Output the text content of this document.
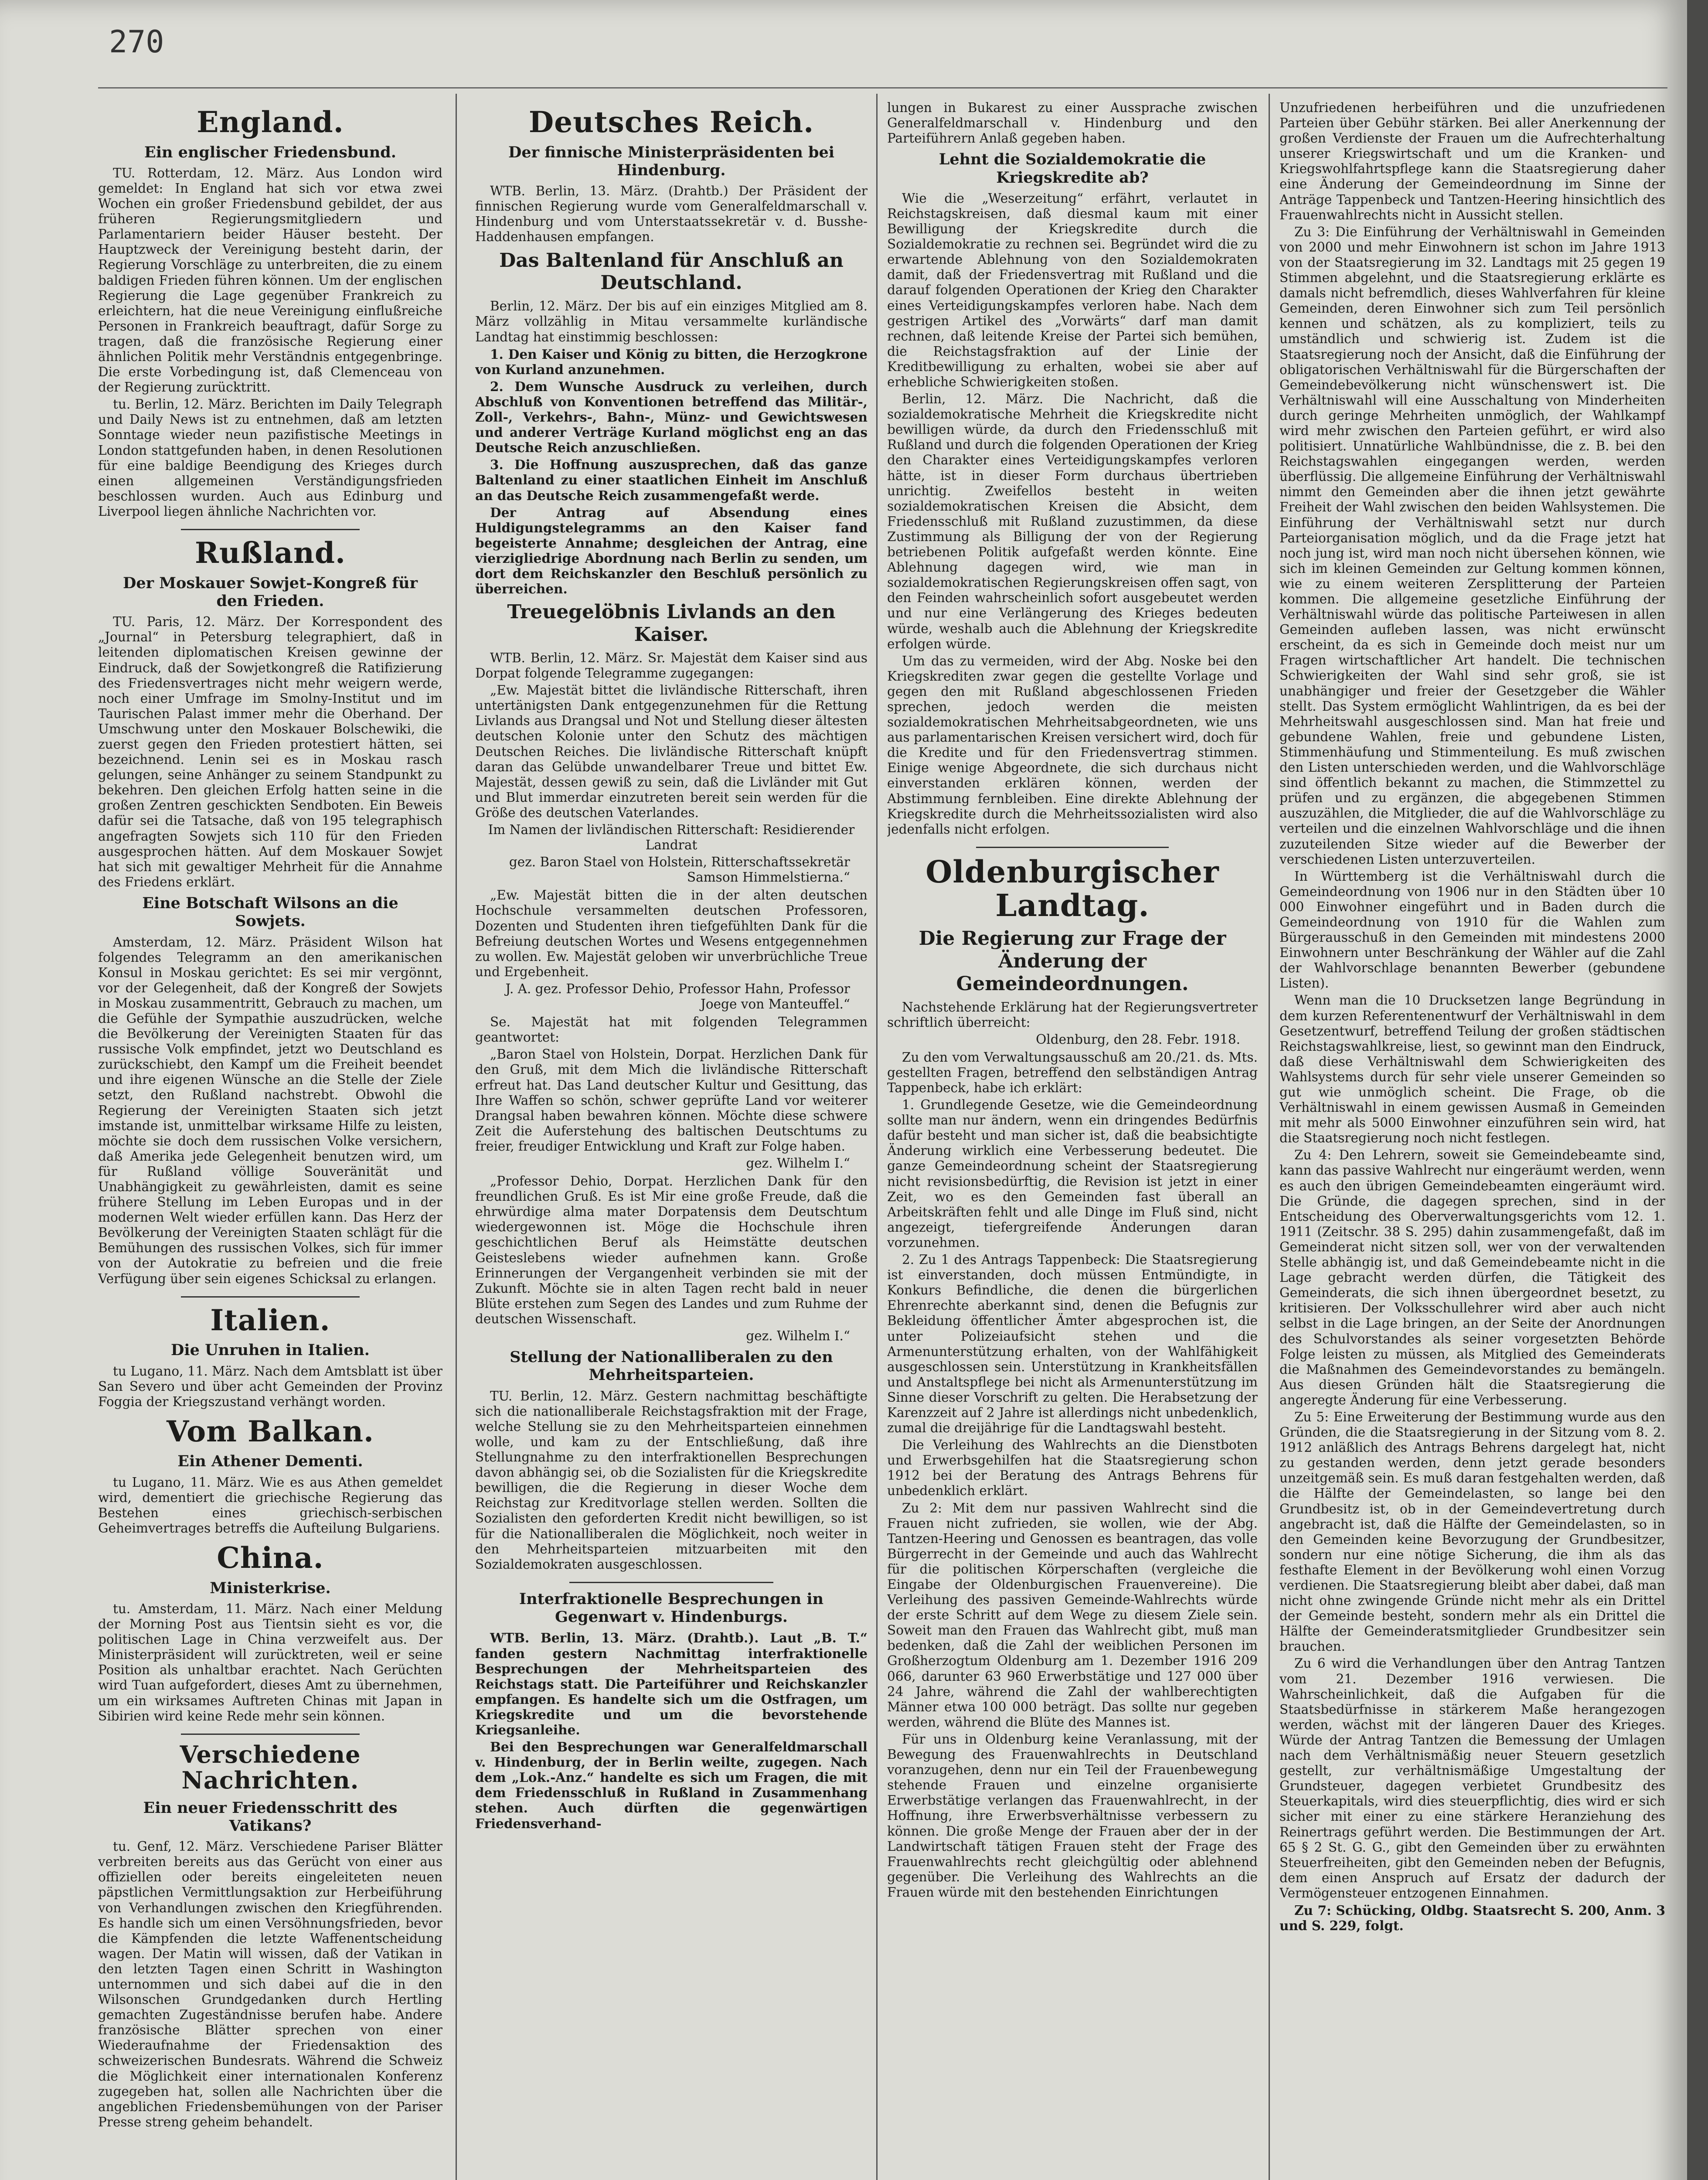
270
England.
Ein englischer Friedensbund.

TU. Rotterdam, 12. März. Aus London wird gemeldet: In England hat sich vor etwa zwei Wochen ein großer Friedensbund gebildet, der aus früheren Regierungsmitgliedern und Parlamentariern beider Häuser besteht. Der Hauptzweck der Vereinigung besteht darin, der Regierung Vorschläge zu unterbreiten, die zu einem baldigen Frieden führen können. Um der englischen Regierung die Lage gegenüber Frankreich zu erleichtern, hat die neue Vereinigung einflußreiche Personen in Frankreich beauftragt, dafür Sorge zu tragen, daß die französische Regierung einer ähnlichen Politik mehr Verständnis entgegenbringe. Die erste Vorbedingung ist, daß Clemenceau von der Regierung zurücktritt.

tu. Berlin, 12. März. Berichten im Daily Telegraph und Daily News ist zu entnehmen, daß am letzten Sonntage wieder neun pazifistische Meetings in London stattgefunden haben, in denen Resolutionen für eine baldige Beendigung des Krieges durch einen allgemeinen Verständigungsfrieden beschlossen wurden. Auch aus Edinburg und Liverpool liegen ähnliche Nachrichten vor.

Rußland.
Der Moskauer Sowjet-Kongreß für den Frieden.

TU. Paris, 12. März. Der Korrespondent des „Journal“ in Petersburg telegraphiert, daß in leitenden diplomatischen Kreisen gewinne der Eindruck, daß der Sowjetkongreß die Ratifizierung des Friedensvertrages nicht mehr weigern werde, noch einer Umfrage im Smolny-Institut und im Taurischen Palast immer mehr die Oberhand. Der Umschwung unter den Moskauer Bolschewiki, die zuerst gegen den Frieden protestiert hätten, sei bezeichnend. Lenin sei es in Moskau rasch gelungen, seine Anhänger zu seinem Standpunkt zu bekehren. Den gleichen Erfolg hatten seine in die großen Zentren geschickten Sendboten. Ein Beweis dafür sei die Tatsache, daß von 195 telegraphisch angefragten Sowjets sich 110 für den Frieden ausgesprochen hätten. Auf dem Moskauer Sowjet hat sich mit gewaltiger Mehrheit für die Annahme des Friedens erklärt.

Eine Botschaft Wilsons an die Sowjets.

Amsterdam, 12. März. Präsident Wilson hat folgendes Telegramm an den amerikanischen Konsul in Moskau gerichtet: Es sei mir vergönnt, vor der Gelegenheit, daß der Kongreß der Sowjets in Moskau zusammentritt, Gebrauch zu machen, um die Gefühle der Sympathie auszudrücken, welche die Bevölkerung der Vereinigten Staaten für das russische Volk empfindet, jetzt wo Deutschland es zurückschiebt, den Kampf um die Freiheit beendet und ihre eigenen Wünsche an die Stelle der Ziele setzt, den Rußland nachstrebt. Obwohl die Regierung der Vereinigten Staaten sich jetzt imstande ist, unmittelbar wirksame Hilfe zu leisten, möchte sie doch dem russischen Volke versichern, daß Amerika jede Gelegenheit benutzen wird, um für Rußland völlige Souveränität und Unabhängigkeit zu gewährleisten, damit es seine frühere Stellung im Leben Europas und in der modernen Welt wieder erfüllen kann. Das Herz der Bevölkerung der Vereinigten Staaten schlägt für die Bemühungen des russischen Volkes, sich für immer von der Autokratie zu befreien und die freie Verfügung über sein eigenes Schicksal zu erlangen.

Italien.
Die Unruhen in Italien.

tu Lugano, 11. März. Nach dem Amtsblatt ist über San Severo und über acht Gemeinden der Provinz Foggia der Kriegszustand verhängt worden.

Vom Balkan.
Ein Athener Dementi.

tu Lugano, 11. März. Wie es aus Athen gemeldet wird, dementiert die griechische Regierung das Bestehen eines griechisch-serbischen Geheimvertrages betreffs die Aufteilung Bulgariens.

China.
Ministerkrise.

tu. Amsterdam, 11. März. Nach einer Meldung der Morning Post aus Tientsin sieht es vor, die politischen Lage in China verzweifelt aus. Der Ministerpräsident will zurücktreten, weil er seine Position als unhaltbar erachtet. Nach Gerüchten wird Tuan aufgefordert, dieses Amt zu übernehmen, um ein wirksames Auftreten Chinas mit Japan in Sibirien wird keine Rede mehr sein können.

Verschiedene Nachrichten.
Ein neuer Friedensschritt des Vatikans?

tu. Genf, 12. März. Verschiedene Pariser Blätter verbreiten bereits aus das Gerücht von einer aus offiziellen oder bereits eingeleiteten neuen päpstlichen Vermittlungsaktion zur Herbeiführung von Verhandlungen zwischen den Kriegführenden. Es handle sich um einen Versöhnungsfrieden, bevor die Kämpfenden die letzte Waffenentscheidung wagen. Der Matin will wissen, daß der Vatikan in den letzten Tagen einen Schritt in Washington unternommen und sich dabei auf die in den Wilsonschen Grundgedanken durch Hertling gemachten Zugeständnisse berufen habe. Andere französische Blätter sprechen von einer Wiederaufnahme der Friedensaktion des schweizerischen Bundesrats. Während die Schweiz die Möglichkeit einer internationalen Konferenz zugegeben hat, sollen alle Nachrichten über die angeblichen Friedensbemühungen von der Pariser Presse streng geheim behandelt.

Deutsches Reich.
Der finnische Ministerpräsidenten bei Hindenburg.

WTB. Berlin, 13. März. (Drahtb.) Der Präsident der finnischen Regierung wurde vom Generalfeldmarschall v. Hindenburg und vom Unterstaatssekretär v. d. Busshe-Haddenhausen empfangen.

Das Baltenland für Anschluß an Deutschland.

Berlin, 12. März. Der bis auf ein einziges Mitglied am 8. März vollzählig in Mitau versammelte kurländische Landtag hat einstimmig beschlossen:

1. Den Kaiser und König zu bitten, die Herzogkrone von Kurland anzunehmen.

2. Dem Wunsche Ausdruck zu verleihen, durch Abschluß von Konventionen betreffend das Militär-, Zoll-, Verkehrs-, Bahn-, Münz- und Gewichtswesen und anderer Verträge Kurland möglichst eng an das Deutsche Reich anzuschließen.

3. Die Hoffnung auszusprechen, daß das ganze Baltenland zu einer staatlichen Einheit im Anschluß an das Deutsche Reich zusammengefaßt werde.

Der Antrag auf Absendung eines Huldigungstelegramms an den Kaiser fand begeisterte Annahme; desgleichen der Antrag, eine vierzigliedrige Abordnung nach Berlin zu senden, um dort dem Reichskanzler den Beschluß persönlich zu überreichen.

Treuegelöbnis Livlands an den Kaiser.

WTB. Berlin, 12. März. Sr. Majestät dem Kaiser sind aus Dorpat folgende Telegramme zugegangen:

„Ew. Majestät bittet die livländische Ritterschaft, ihren untertänigsten Dank entgegenzunehmen für die Rettung Livlands aus Drangsal und Not und Stellung dieser ältesten deutschen Kolonie unter den Schutz des mächtigen Deutschen Reiches. Die livländische Ritterschaft knüpft daran das Gelübde unwandelbarer Treue und bittet Ew. Majestät, dessen gewiß zu sein, daß die Livländer mit Gut und Blut immerdar einzutreten bereit sein werden für die Größe des deutschen Vaterlandes.

Im Namen der livländischen Ritterschaft: Residierender Landrat

gez. Baron Stael von Holstein, Ritterschaftssekretär Samson Himmelstierna.“

„Ew. Majestät bitten die in der alten deutschen Hochschule versammelten deutschen Professoren, Dozenten und Studenten ihren tiefgefühlten Dank für die Befreiung deutschen Wortes und Wesens entgegennehmen zu wollen. Ew. Majestät geloben wir unverbrüchliche Treue und Ergebenheit.

J. A. gez. Professor Dehio, Professor Hahn, Professor Joege von Manteuffel.“

Se. Majestät hat mit folgenden Telegrammen geantwortet:

„Baron Stael von Holstein, Dorpat. Herzlichen Dank für den Gruß, mit dem Mich die livländische Ritterschaft erfreut hat. Das Land deutscher Kultur und Gesittung, das Ihre Waffen so schön, schwer geprüfte Land vor weiterer Drangsal haben bewahren können. Möchte diese schwere Zeit die Auferstehung des baltischen Deutschtums zu freier, freudiger Entwicklung und Kraft zur Folge haben.

gez. Wilhelm I.“

„Professor Dehio, Dorpat. Herzlichen Dank für den freundlichen Gruß. Es ist Mir eine große Freude, daß die ehrwürdige alma mater Dorpatensis dem Deutschtum wiedergewonnen ist. Möge die Hochschule ihren geschichtlichen Beruf als Heimstätte deutschen Geisteslebens wieder aufnehmen kann. Große Erinnerungen der Vergangenheit verbinden sie mit der Zukunft. Möchte sie in alten Tagen recht bald in neuer Blüte erstehen zum Segen des Landes und zum Ruhme der deutschen Wissenschaft.

gez. Wilhelm I.“

Stellung der Nationalliberalen zu den Mehrheitsparteien.

TU. Berlin, 12. März. Gestern nachmittag beschäftigte sich die nationalliberale Reichstagsfraktion mit der Frage, welche Stellung sie zu den Mehrheitsparteien einnehmen wolle, und kam zu der Entschließung, daß ihre Stellungnahme zu den interfraktionellen Besprechungen davon abhängig sei, ob die Sozialisten für die Kriegskredite bewilligen, die die Regierung in dieser Woche dem Reichstag zur Kreditvorlage stellen werden. Sollten die Sozialisten den geforderten Kredit nicht bewilligen, so ist für die Nationalliberalen die Möglichkeit, noch weiter in den Mehrheitsparteien mitzuarbeiten mit den Sozialdemokraten ausgeschlossen.

Interfraktionelle Besprechungen in Gegenwart v. Hindenburgs.

WTB. Berlin, 13. März. (Drahtb.). Laut „B. T.“ fanden gestern Nachmittag interfraktionelle Besprechungen der Mehrheitsparteien des Reichstags statt. Die Parteiführer und Reichskanzler empfangen. Es handelte sich um die Ostfragen, um Kriegskredite und um die bevorstehende Kriegsanleihe.

Bei den Besprechungen war Generalfeldmarschall v. Hindenburg, der in Berlin weilte, zugegen. Nach dem „Lok.-Anz.“ handelte es sich um Fragen, die mit dem Friedensschluß in Rußland in Zusammenhang stehen. Auch dürften die gegenwärtigen Friedensverhand-

lungen in Bukarest zu einer Aussprache zwischen Generalfeldmarschall v. Hindenburg und den Parteiführern Anlaß gegeben haben.

Lehnt die Sozialdemokratie die Kriegskredite ab?

Wie die „Weserzeitung“ erfährt, verlautet in Reichstagskreisen, daß diesmal kaum mit einer Bewilligung der Kriegskredite durch die Sozialdemokratie zu rechnen sei. Begründet wird die zu erwartende Ablehnung von den Sozialdemokraten damit, daß der Friedensvertrag mit Rußland und die darauf folgenden Operationen der Krieg den Charakter eines Verteidigungskampfes verloren habe. Nach dem gestrigen Artikel des „Vorwärts“ darf man damit rechnen, daß leitende Kreise der Partei sich bemühen, die Reichstagsfraktion auf der Linie der Kreditbewilligung zu erhalten, wobei sie aber auf erhebliche Schwierigkeiten stoßen.

Berlin, 12. März. Die Nachricht, daß die sozialdemokratische Mehrheit die Kriegskredite nicht bewilligen würde, da durch den Friedensschluß mit Rußland und durch die folgenden Operationen der Krieg den Charakter eines Verteidigungskampfes verloren hätte, ist in dieser Form durchaus übertrieben unrichtig. Zweifellos besteht in weiten sozialdemokratischen Kreisen die Absicht, dem Friedensschluß mit Rußland zuzustimmen, da diese Zustimmung als Billigung der von der Regierung betriebenen Politik aufgefaßt werden könnte. Eine Ablehnung dagegen wird, wie man in sozialdemokratischen Regierungskreisen offen sagt, von den Feinden wahrscheinlich sofort ausgebeutet werden und nur eine Verlängerung des Krieges bedeuten würde, weshalb auch die Ablehnung der Kriegskredite erfolgen würde.

Um das zu vermeiden, wird der Abg. Noske bei den Kriegskrediten zwar gegen die gestellte Vorlage und gegen den mit Rußland abgeschlossenen Frieden sprechen, jedoch werden die meisten sozialdemokratischen Mehrheitsabgeordneten, wie uns aus parlamentarischen Kreisen versichert wird, doch für die Kredite und für den Friedensvertrag stimmen. Einige wenige Abgeordnete, die sich durchaus nicht einverstanden erklären können, werden der Abstimmung fernbleiben. Eine direkte Ablehnung der Kriegskredite durch die Mehrheitssozialisten wird also jedenfalls nicht erfolgen.

Oldenburgischer Landtag.
Die Regierung zur Frage der Änderung der Gemeindeordnungen.

Nachstehende Erklärung hat der Regierungsvertreter schriftlich überreicht:

Oldenburg, den 28. Febr. 1918.

Zu den vom Verwaltungsausschuß am 20./21. ds. Mts. gestellten Fragen, betreffend den selbständigen Antrag Tappenbeck, habe ich erklärt:

1. Grundlegende Gesetze, wie die Gemeindeordnung sollte man nur ändern, wenn ein dringendes Bedürfnis dafür besteht und man sicher ist, daß die beabsichtigte Änderung wirklich eine Verbesserung bedeutet. Die ganze Gemeindeordnung scheint der Staatsregierung nicht revisionsbedürftig, die Revision ist jetzt in einer Zeit, wo es den Gemeinden fast überall an Arbeitskräften fehlt und alle Dinge im Fluß sind, nicht angezeigt, tiefergreifende Änderungen daran vorzunehmen.

2. Zu 1 des Antrags Tappenbeck: Die Staatsregierung ist einverstanden, doch müssen Entmündigte, in Konkurs Befindliche, die denen die bürgerlichen Ehrenrechte aberkannt sind, denen die Befugnis zur Bekleidung öffentlicher Ämter abgesprochen ist, die unter Polizeiaufsicht stehen und die Armenunterstützung erhalten, von der Wahlfähigkeit ausgeschlossen sein. Unterstützung in Krankheitsfällen und Anstaltspflege bei nicht als Armenunterstützung im Sinne dieser Vorschrift zu gelten. Die Herabsetzung der Karenzzeit auf 2 Jahre ist allerdings nicht unbedenklich, zumal die dreijährige für die Landtagswahl besteht.

Die Verleihung des Wahlrechts an die Dienstboten und Erwerbsgehilfen hat die Staatsregierung schon 1912 bei der Beratung des Antrags Behrens für unbedenklich erklärt.

Zu 2: Mit dem nur passiven Wahlrecht sind die Frauen nicht zufrieden, sie wollen, wie der Abg. Tantzen-Heering und Genossen es beantragen, das volle Bürgerrecht in der Gemeinde und auch das Wahlrecht für die politischen Körperschaften (vergleiche die Eingabe der Oldenburgischen Frauenvereine). Die Verleihung des passiven Gemeinde-Wahlrechts würde der erste Schritt auf dem Wege zu diesem Ziele sein. Soweit man den Frauen das Wahlrecht gibt, muß man bedenken, daß die Zahl der weiblichen Personen im Großherzogtum Oldenburg am 1. Dezember 1916 209 066, darunter 63 960 Erwerbstätige und 127 000 über 24 Jahre, während die Zahl der wahlberechtigten Männer etwa 100 000 beträgt. Das sollte nur gegeben werden, während die Blüte des Mannes ist.

Für uns in Oldenburg keine Veranlassung, mit der Bewegung des Frauenwahlrechts in Deutschland voranzugehen, denn nur ein Teil der Frauenbewegung stehende Frauen und einzelne organisierte Erwerbstätige verlangen das Frauenwahlrecht, in der Hoffnung, ihre Erwerbsverhältnisse verbessern zu können. Die große Menge der Frauen aber der in der Landwirtschaft tätigen Frauen steht der Frage des Frauenwahlrechts recht gleichgültig oder ablehnend gegenüber. Die Verleihung des Wahlrechts an die Frauen würde mit den bestehenden Einrichtungen

Unzufriedenen herbeiführen und die unzufriedenen Parteien über Gebühr stärken. Bei aller Anerkennung der großen Verdienste der Frauen um die Aufrechterhaltung unserer Kriegswirtschaft und um die Kranken- und Kriegswohlfahrtspflege kann die Staatsregierung daher eine Änderung der Gemeindeordnung im Sinne der Anträge Tappenbeck und Tantzen-Heering hinsichtlich des Frauenwahlrechts nicht in Aussicht stellen.

Zu 3: Die Einführung der Verhältniswahl in Gemeinden von 2000 und mehr Einwohnern ist schon im Jahre 1913 von der Staatsregierung im 32. Landtags mit 25 gegen 19 Stimmen abgelehnt, und die Staatsregierung erklärte es damals nicht befremdlich, dieses Wahlverfahren für kleine Gemeinden, deren Einwohner sich zum Teil persönlich kennen und schätzen, als zu kompliziert, teils zu umständlich und schwierig ist. Zudem ist die Staatsregierung noch der Ansicht, daß die Einführung der obligatorischen Verhältniswahl für die Bürgerschaften der Gemeindebevölkerung nicht wünschenswert ist. Die Verhältniswahl will eine Ausschaltung von Minderheiten durch geringe Mehrheiten unmöglich, der Wahlkampf wird mehr zwischen den Parteien geführt, er wird also politisiert. Unnatürliche Wahlbündnisse, die z. B. bei den Reichstagswahlen eingegangen werden, werden überflüssig. Die allgemeine Einführung der Verhältniswahl nimmt den Gemeinden aber die ihnen jetzt gewährte Freiheit der Wahl zwischen den beiden Wahlsystemen. Die Einführung der Verhältniswahl setzt nur durch Parteiorganisation möglich, und da die Frage jetzt hat noch jung ist, wird man noch nicht übersehen können, wie sich im kleinen Gemeinden zur Geltung kommen können, wie zu einem weiteren Zersplitterung der Parteien kommen. Die allgemeine gesetzliche Einführung der Verhältniswahl würde das politische Parteiwesen in allen Gemeinden aufleben lassen, was nicht erwünscht erscheint, da es sich in Gemeinde doch meist nur um Fragen wirtschaftlicher Art handelt. Die technischen Schwierigkeiten der Wahl sind sehr groß, sie ist unabhängiger und freier der Gesetzgeber die Wähler stellt. Das System ermöglicht Wahlintrigen, da es bei der Mehrheitswahl ausgeschlossen sind. Man hat freie und gebundene Wahlen, freie und gebundene Listen, Stimmenhäufung und Stimmenteilung. Es muß zwischen den Listen unterschieden werden, und die Wahlvorschläge sind öffentlich bekannt zu machen, die Stimmzettel zu prüfen und zu ergänzen, die abgegebenen Stimmen auszuzählen, die Mitglieder, die auf die Wahlvorschläge zu verteilen und die einzelnen Wahlvorschläge und die ihnen zuzuteilenden Sitze wieder auf die Bewerber der verschiedenen Listen unterzuverteilen.

In Württemberg ist die Verhältniswahl durch die Gemeindeordnung von 1906 nur in den Städten über 10 000 Einwohner eingeführt und in Baden durch die Gemeindeordnung von 1910 für die Wahlen zum Bürgerausschuß in den Gemeinden mit mindestens 2000 Einwohnern unter Beschränkung der Wähler auf die Zahl der Wahlvorschlage benannten Bewerber (gebundene Listen).

Wenn man die 10 Drucksetzen lange Begründung in dem kurzen Referentenentwurf der Verhältniswahl in dem Gesetzentwurf, betreffend Teilung der großen städtischen Reichstagswahlkreise, liest, so gewinnt man den Eindruck, daß diese Verhältniswahl dem Schwierigkeiten des Wahlsystems durch für sehr viele unserer Gemeinden so gut wie unmöglich scheint. Die Frage, ob die Verhältniswahl in einem gewissen Ausmaß in Gemeinden mit mehr als 5000 Einwohner einzuführen sein wird, hat die Staatsregierung noch nicht festlegen.

Zu 4: Den Lehrern, soweit sie Gemeindebeamte sind, kann das passive Wahlrecht nur eingeräumt werden, wenn es auch den übrigen Gemeindebeamten eingeräumt wird. Die Gründe, die dagegen sprechen, sind in der Entscheidung des Oberverwaltungsgerichts vom 12. 1. 1911 (Zeitschr. 38 S. 295) dahin zusammengefaßt, daß im Gemeinderat nicht sitzen soll, wer von der verwaltenden Stelle abhängig ist, und daß Gemeindebeamte nicht in die Lage gebracht werden dürfen, die Tätigkeit des Gemeinderats, die sich ihnen übergeordnet besetzt, zu kritisieren. Der Volksschullehrer wird aber auch nicht selbst in die Lage bringen, an der Seite der Anordnungen des Schulvorstandes als seiner vorgesetzten Behörde Folge leisten zu müssen, als Mitglied des Gemeinderats die Maßnahmen des Gemeindevorstandes zu bemängeln. Aus diesen Gründen hält die Staatsregierung die angeregte Änderung für eine Verbesserung.

Zu 5: Eine Erweiterung der Bestimmung wurde aus den Gründen, die die Staatsregierung in der Sitzung vom 8. 2. 1912 anläßlich des Antrags Behrens dargelegt hat, nicht zu gestanden werden, denn jetzt gerade besonders unzeitgemäß sein. Es muß daran festgehalten werden, daß die Hälfte der Gemeindelasten, so lange bei den Grundbesitz ist, ob in der Gemeindevertretung durch angebracht ist, daß die Hälfte der Gemeindelasten, so in den Gemeinden keine Bevorzugung der Grundbesitzer, sondern nur eine nötige Sicherung, die ihm als das festhafte Element in der Bevölkerung wohl einen Vorzug verdienen. Die Staatsregierung bleibt aber dabei, daß man nicht ohne zwingende Gründe nicht mehr als ein Drittel der Gemeinde besteht, sondern mehr als ein Drittel die Hälfte der Gemeinderatsmitglieder Grundbesitzer sein brauchen.

Zu 6 wird die Verhandlungen über den Antrag Tantzen vom 21. Dezember 1916 verwiesen. Die Wahrscheinlichkeit, daß die Aufgaben für die Staatsbedürfnisse in stärkerem Maße herangezogen werden, wächst mit der längeren Dauer des Krieges. Würde der Antrag Tantzen die Bemessung der Umlagen nach dem Verhältnismäßig neuer Steuern gesetzlich gestellt, zur verhältnismäßige Umgestaltung der Grundsteuer, dagegen verbietet Grundbesitz des Steuerkapitals, wird dies steuerpflichtig, dies wird er sich sicher mit einer zu eine stärkere Heranziehung des Reinertrags geführt werden. Die Bestimmungen der Art. 65 § 2 St. G. G., gibt den Gemeinden über zu erwähnten Steuerfreiheiten, gibt den Gemeinden neben der Befugnis, dem einen Anspruch auf Ersatz der dadurch der Vermögensteuer entzogenen Einnahmen.

Zu 7: Schücking, Oldbg. Staatsrecht S. 200, Anm. 3 und S. 229, folgt.
